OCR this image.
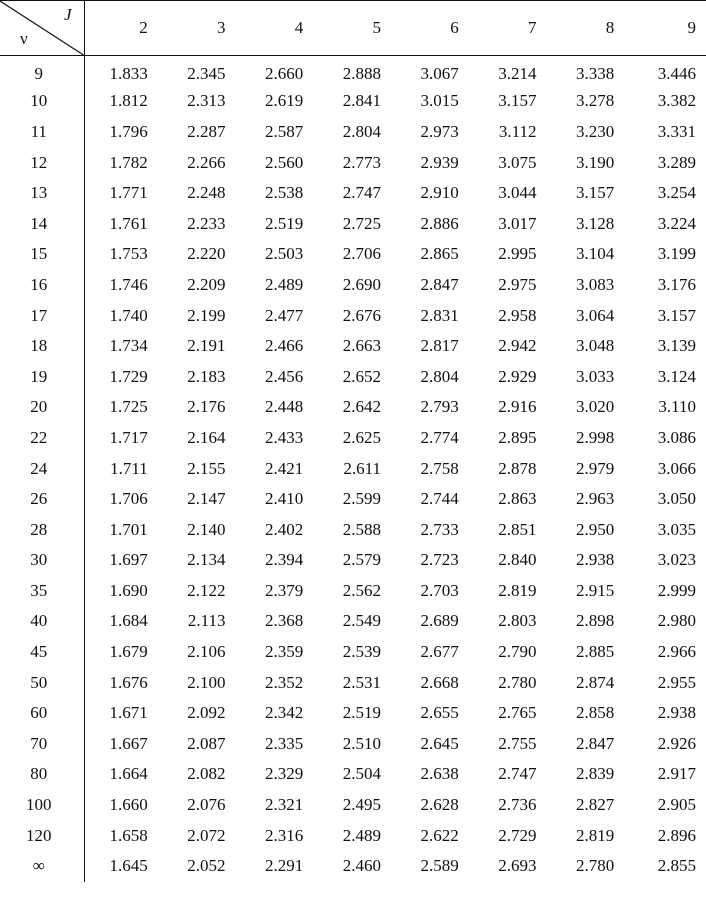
J
ν	2	3	4	5	6	7	8	9
9	1.833	2.345	2.660	2.888	3.067	3.214	3.338	3.446
10	1.812	2.313	2.619	2.841	3.015	3.157	3.278	3.382
11	1.796	2.287	2.587	2.804	2.973	3.112	3.230	3.331
12	1.782	2.266	2.560	2.773	2.939	3.075	3.190	3.289
13	1.771	2.248	2.538	2.747	2.910	3.044	3.157	3.254
14	1.761	2.233	2.519	2.725	2.886	3.017	3.128	3.224
15	1.753	2.220	2.503	2.706	2.865	2.995	3.104	3.199
16	1.746	2.209	2.489	2.690	2.847	2.975	3.083	3.176
17	1.740	2.199	2.477	2.676	2.831	2.958	3.064	3.157
18	1.734	2.191	2.466	2.663	2.817	2.942	3.048	3.139
19	1.729	2.183	2.456	2.652	2.804	2.929	3.033	3.124
20	1.725	2.176	2.448	2.642	2.793	2.916	3.020	3.110
22	1.717	2.164	2.433	2.625	2.774	2.895	2.998	3.086
24	1.711	2.155	2.421	2.611	2.758	2.878	2.979	3.066
26	1.706	2.147	2.410	2.599	2.744	2.863	2.963	3.050
28	1.701	2.140	2.402	2.588	2.733	2.851	2.950	3.035
30	1.697	2.134	2.394	2.579	2.723	2.840	2.938	3.023
35	1.690	2.122	2.379	2.562	2.703	2.819	2.915	2.999
40	1.684	2.113	2.368	2.549	2.689	2.803	2.898	2.980
45	1.679	2.106	2.359	2.539	2.677	2.790	2.885	2.966
50	1.676	2.100	2.352	2.531	2.668	2.780	2.874	2.955
60	1.671	2.092	2.342	2.519	2.655	2.765	2.858	2.938
70	1.667	2.087	2.335	2.510	2.645	2.755	2.847	2.926
80	1.664	2.082	2.329	2.504	2.638	2.747	2.839	2.917
100	1.660	2.076	2.321	2.495	2.628	2.736	2.827	2.905
120	1.658	2.072	2.316	2.489	2.622	2.729	2.819	2.896
∞	1.645	2.052	2.291	2.460	2.589	2.693	2.780	2.855
